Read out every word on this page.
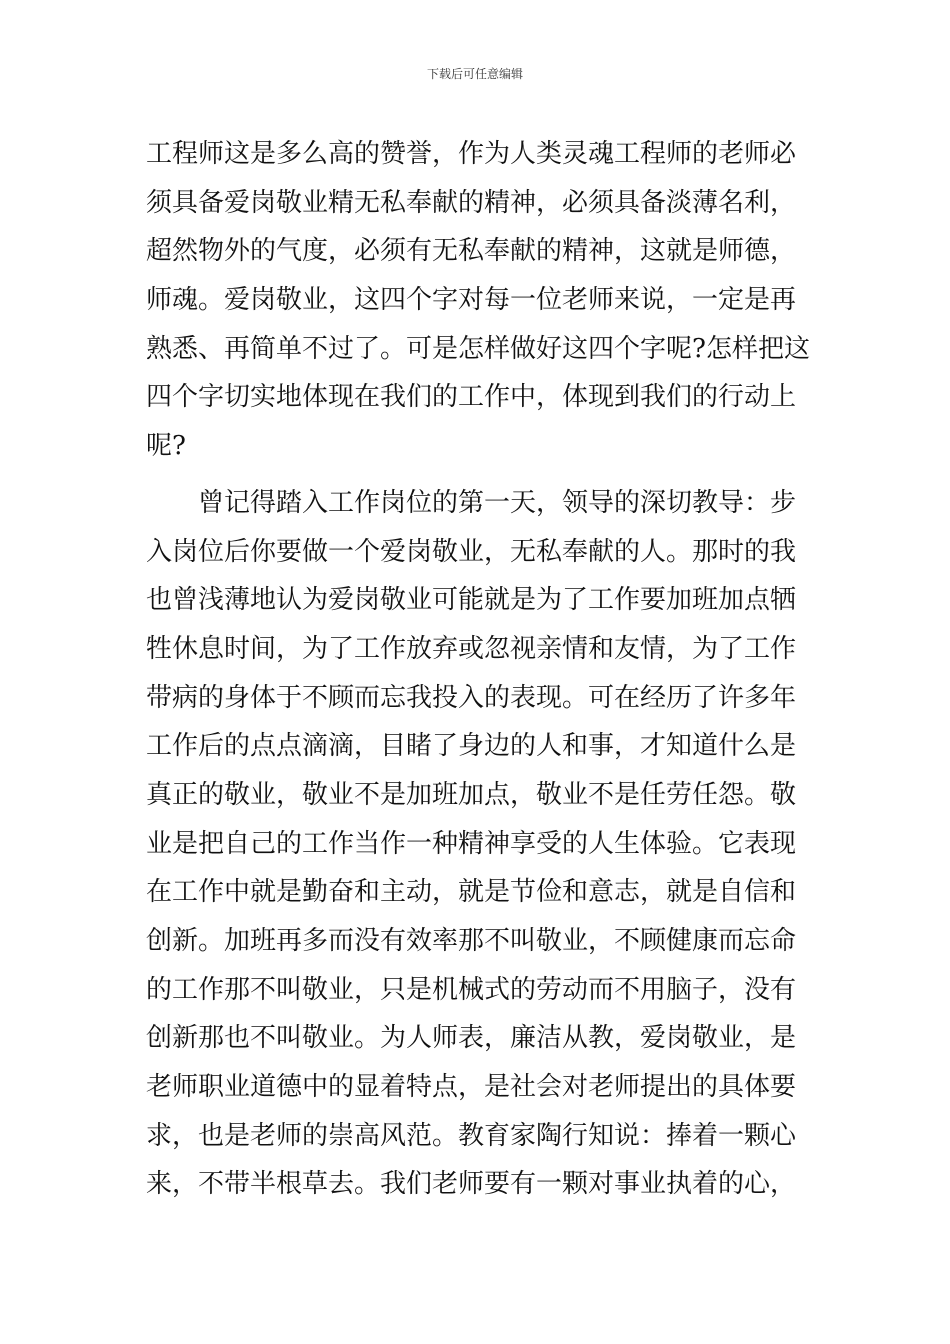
下载后可任意编辑
工程师这是多么高的赞誉，作为人类灵魂工程师的老师必
须具备爱岗敬业精无私奉献的精神，必须具备淡薄名利，
超然物外的气度，必须有无私奉献的精神，这就是师德，
师魂。爱岗敬业，这四个字对每一位老师来说，一定是再
熟悉、再简单不过了。可是怎样做好这四个字呢?怎样把这
四个字切实地体现在我们的工作中，体现到我们的行动上
呢?
　　曾记得踏入工作岗位的第一天，领导的深切教导：步
入岗位后你要做一个爱岗敬业，无私奉献的人。那时的我
也曾浅薄地认为爱岗敬业可能就是为了工作要加班加点牺
牲休息时间，为了工作放弃或忽视亲情和友情，为了工作
带病的身体于不顾而忘我投入的表现。可在经历了许多年
工作后的点点滴滴，目睹了身边的人和事，才知道什么是
真正的敬业，敬业不是加班加点，敬业不是任劳任怨。敬
业是把自己的工作当作一种精神享受的人生体验。它表现
在工作中就是勤奋和主动，就是节俭和意志，就是自信和
创新。加班再多而没有效率那不叫敬业，不顾健康而忘命
的工作那不叫敬业，只是机械式的劳动而不用脑子，没有
创新那也不叫敬业。为人师表，廉洁从教，爱岗敬业，是
老师职业道德中的显着特点，是社会对老师提出的具体要
求，也是老师的崇高风范。教育家陶行知说：捧着一颗心
来，不带半根草去。我们老师要有一颗对事业执着的心，
